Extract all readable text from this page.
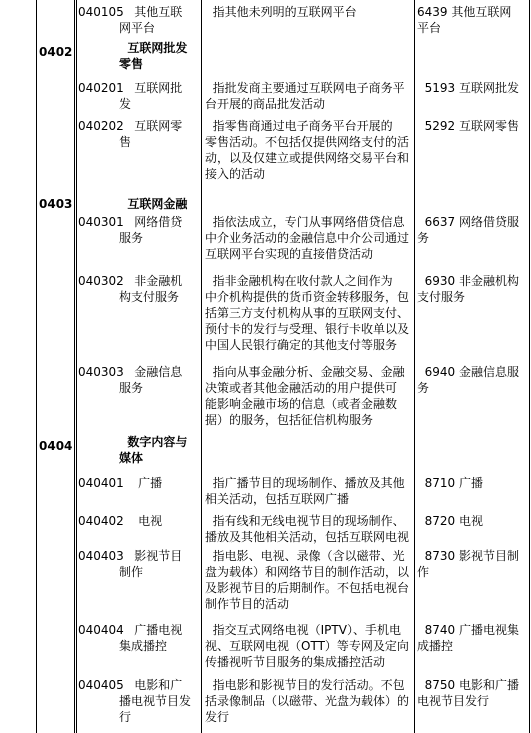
040105 其他互联
网平台
指其他未列明的互联网平台	6439 其他互联网
平台
0402	互联网批发
零售
040201 互联网批
发
指批发商主要通过互联网电子商务平
台开展的商品批发活动
5193 互联网批发
040202 互联网零
售
指零售商通过电子商务平台开展的
零售活动。不包括仅提供网络支付的活
动，以及仅建立或提供网络交易平台和
接入的活动
5292 互联网零售
0403	互联网金融
040301 网络借贷
服务
指依法成立，专门从事网络借贷信息
中介业务活动的金融信息中介公司通过
互联网平台实现的直接借贷活动
6637 网络借贷服
务
040302 非金融机
构支付服务
指非金融机构在收付款人之间作为
中介机构提供的货币资金转移服务，包
括第三方支付机构从事的互联网支付、
预付卡的发行与受理、银行卡收单以及
中国人民银行确定的其他支付等服务
6930 非金融机构
支付服务
040303 金融信息
服务
指向从事金融分析、金融交易、金融
决策或者其他金融活动的用户提供可
能影响金融市场的信息（或者金融数
据）的服务，包括征信机构服务
6940 金融信息服
务
0404	数字内容与
媒体
040401
广播	指广播节目的现场制作、播放及其他
相关活动，包括互联网广播
8710 广播
040402
电视	指有线和无线电视节目的现场制作、
播放及其他相关活动，包括互联网电视
8720 电视
040403 影视节目
制作
指电影、电视、录像（含以磁带、光
盘为载体）和网络节目的制作活动，以
及影视节目的后期制作。不包括电视台
制作节目的活动
8730 影视节目制
作
040404 广播电视
集成播控
指交互式网络电视（IPTV）、手机电
视、互联网电视（OTT）等专网及定向
传播视听节目服务的集成播控活动
8740 广播电视集
成播控
040405 电影和广
播电视节目发
行
指电影和影视节目的发行活动。不包
括录像制品（以磁带、光盘为载体）的
发行
8750 电影和广播
电视节目发行
